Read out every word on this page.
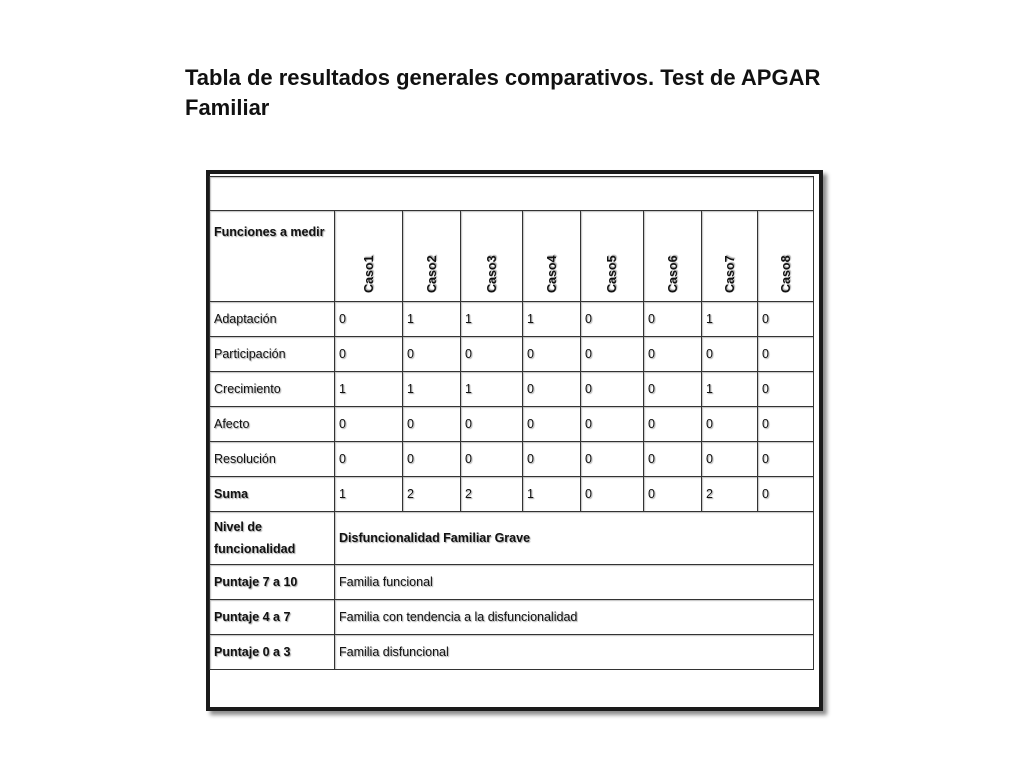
Tabla de resultados generales comparativos. Test de APGAR Familiar

Funciones a medir	Caso1	Caso2	Caso3	Caso4	Caso5	Caso6	Caso7	Caso8

Adaptación	0	1	1	1	0	0	1	0
Participación	0	0	0	0	0	0	0	0
Crecimiento	1	1	1	0	0	0	1	0
Afecto	0	0	0	0	0	0	0	0
Resolución	0	0	0	0	0	0	0	0
Suma	1	2	2	1	0	0	2	0
Nivel de funcionalidad	Disfuncionalidad Familiar Grave							
Puntaje 7 a 10	Familia funcional							
Puntaje 4 a 7	Familia con tendencia a la disfuncionalidad							
Puntaje 0 a 3	Familia disfuncional							
